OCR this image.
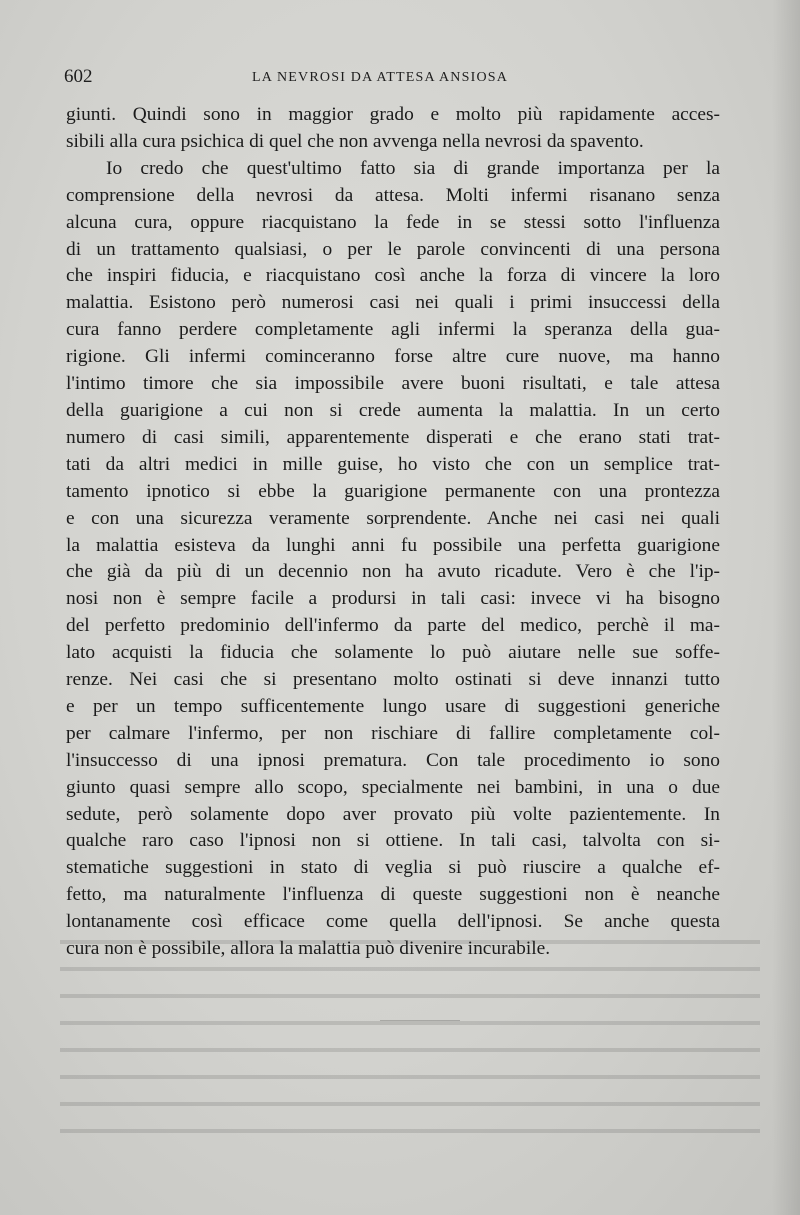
602	LA NEVROSI DA ATTESA ANSIOSA
giunti. Quindi sono in maggior grado e molto più rapidamente acces-
sibili alla cura psichica di quel che non avvenga nella nevrosi da spavento.
Io credo che quest'ultimo fatto sia di grande importanza per la
comprensione della nevrosi da attesa. Molti infermi risanano senza
alcuna cura, oppure riacquistano la fede in se stessi sotto l'influenza
di un trattamento qualsiasi, o per le parole convincenti di una persona
che inspiri fiducia, e riacquistano così anche la forza di vincere la loro
malattia. Esistono però numerosi casi nei quali i primi insuccessi della
cura fanno perdere completamente agli infermi la speranza della gua-
rigione. Gli infermi cominceranno forse altre cure nuove, ma hanno
l'intimo timore che sia impossibile avere buoni risultati, e tale attesa
della guarigione a cui non si crede aumenta la malattia. In un certo
numero di casi simili, apparentemente disperati e che erano stati trat-
tati da altri medici in mille guise, ho visto che con un semplice trat-
tamento ipnotico si ebbe la guarigione permanente con una prontezza
e con una sicurezza veramente sorprendente. Anche nei casi nei quali
la malattia esisteva da lunghi anni fu possibile una perfetta guarigione
che già da più di un decennio non ha avuto ricadute. Vero è che l'ip-
nosi non è sempre facile a prodursi in tali casi: invece vi ha bisogno
del perfetto predominio dell'infermo da parte del medico, perchè il ma-
lato acquisti la fiducia che solamente lo può aiutare nelle sue soffe-
renze. Nei casi che si presentano molto ostinati si deve innanzi tutto
e per un tempo sufficentemente lungo usare di suggestioni generiche
per calmare l'infermo, per non rischiare di fallire completamente col-
l'insuccesso di una ipnosi prematura. Con tale procedimento io sono
giunto quasi sempre allo scopo, specialmente nei bambini, in una o due
sedute, però solamente dopo aver provato più volte pazientemente. In
qualche raro caso l'ipnosi non si ottiene. In tali casi, talvolta con si-
stematiche suggestioni in stato di veglia si può riuscire a qualche ef-
fetto, ma naturalmente l'influenza di queste suggestioni non è neanche
lontanamente così efficace come quella dell'ipnosi. Se anche questa
cura non è possibile, allora la malattia può divenire incurabile.
